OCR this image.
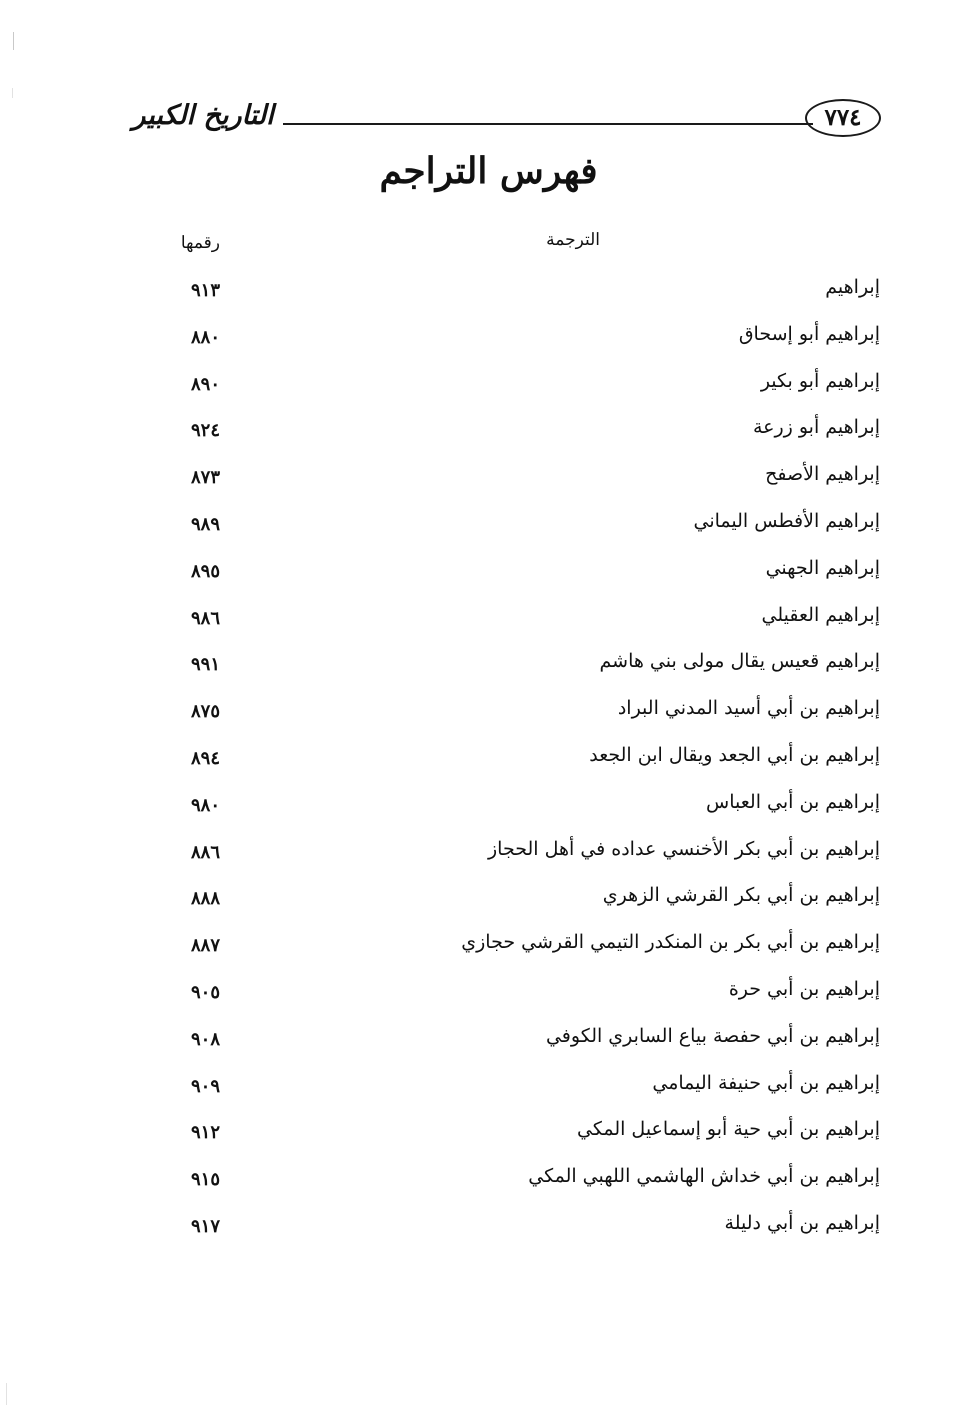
٧٧٤
التاريخ الكبير
فهرس التراجم
الترجمة
رقمها
إبراهيم
٩١٣
إبراهيم أبو إسحاق
٨٨٠
إبراهيم أبو بكير
٨٩٠
إبراهيم أبو زرعة
٩٢٤
إبراهيم الأصفح
٨٧٣
إبراهيم الأفطس اليماني
٩٨٩
إبراهيم الجهني
٨٩٥
إبراهيم العقيلي
٩٨٦
إبراهيم قعيس يقال مولى بني هاشم
٩٩١
إبراهيم بن أبي أسيد المدني البراد
٨٧٥
إبراهيم بن أبي الجعد ويقال ابن الجعد
٨٩٤
إبراهيم بن أبي العباس
٩٨٠
إبراهيم بن أبي بكر الأخنسي عداده في أهل الحجاز
٨٨٦
إبراهيم بن أبي بكر القرشي الزهري
٨٨٨
إبراهيم بن أبي بكر بن المنكدر التيمي القرشي حجازي
٨٨٧
إبراهيم بن أبي حرة
٩٠٥
إبراهيم بن أبي حفصة بياع السابري الكوفي
٩٠٨
إبراهيم بن أبي حنيفة اليمامي
٩٠٩
إبراهيم بن أبي حية أبو إسماعيل المكي
٩١٢
إبراهيم بن أبي خداش الهاشمي اللهبي المكي
٩١٥
إبراهيم بن أبي دليلة
٩١٧
